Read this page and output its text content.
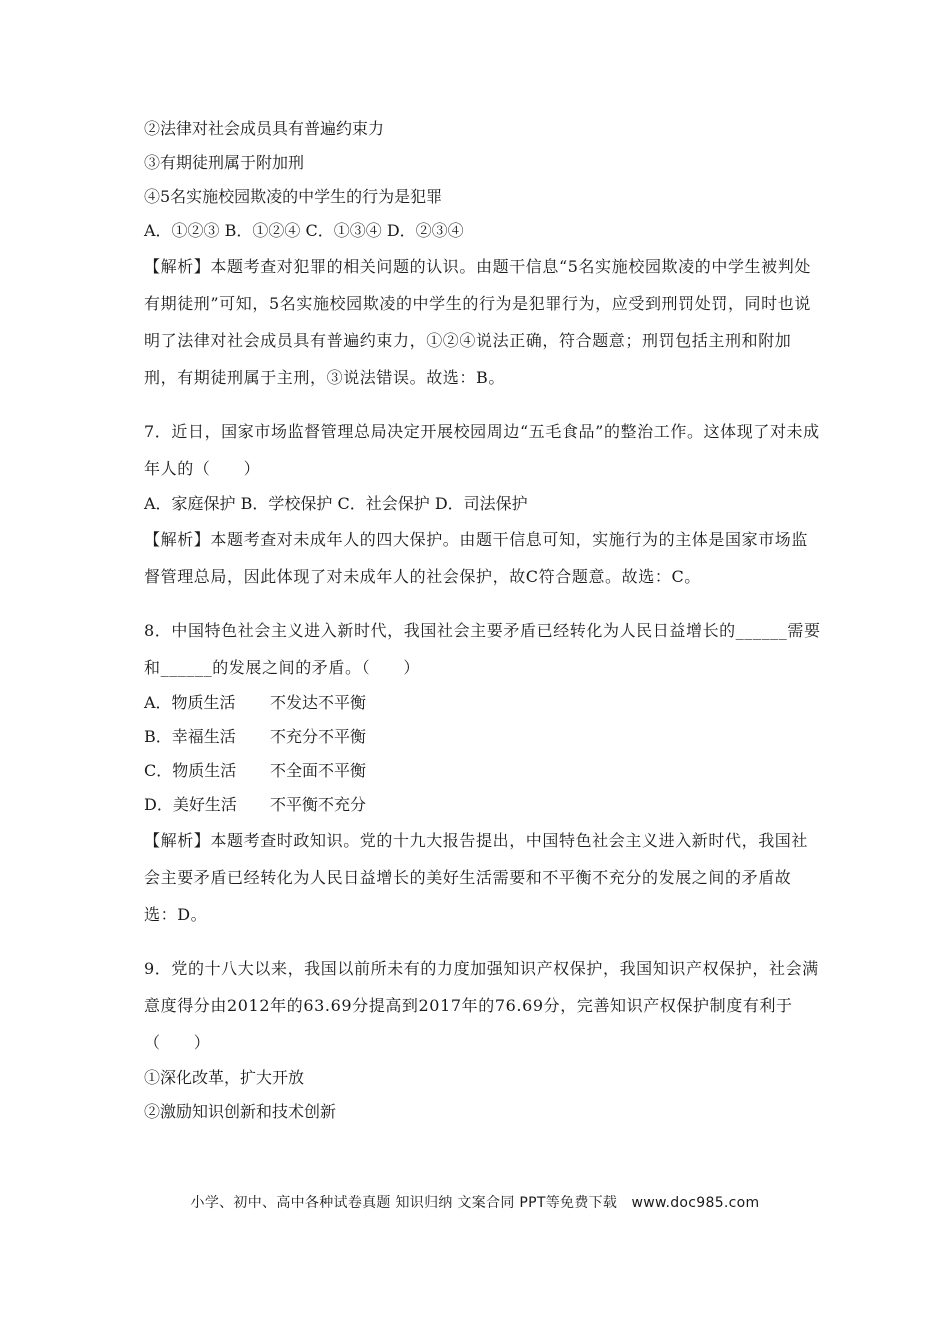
②法律对社会成员具有普遍约束力
③有期徒刑属于附加刑
④5名实施校园欺凌的中学生的行为是犯罪
A．①②③ B．①②④ C．①③④ D．②③④
【解析】本题考查对犯罪的相关问题的认识。由题干信息“5名实施校园欺凌的中学生被判处有期徒刑”可知，5名实施校园欺凌的中学生的行为是犯罪行为，应受到刑罚处罚，同时也说明了法律对社会成员具有普遍约束力，①②④说法正确，符合题意；刑罚包括主刑和附加刑，有期徒刑属于主刑，③说法错误。故选：B。
7．近日，国家市场监督管理总局决定开展校园周边“五毛食品”的整治工作。这体现了对未成年人的（　　）
A．家庭保护 B．学校保护 C．社会保护 D．司法保护
【解析】本题考查对未成年人的四大保护。由题干信息可知，实施行为的主体是国家市场监督管理总局，因此体现了对未成年人的社会保护，故C符合题意。故选：C。
8．中国特色社会主义进入新时代，我国社会主要矛盾已经转化为人民日益增长的______需要和______的发展之间的矛盾。（　　）
A．物质生活	不发达不平衡
B．幸福生活	不充分不平衡
C．物质生活	不全面不平衡
D．美好生活	不平衡不充分
【解析】本题考查时政知识。党的十九大报告提出，中国特色社会主义进入新时代，我国社会主要矛盾已经转化为人民日益增长的美好生活需要和不平衡不充分的发展之间的矛盾故选：D。
9．党的十八大以来，我国以前所未有的力度加强知识产权保护，我国知识产权保护，社会满意度得分由2012年的63.69分提高到2017年的76.69分，完善知识产权保护制度有利于（　　）
①深化改革，扩大开放
②激励知识创新和技术创新
小学、初中、高中各种试卷真题 知识归纳 文案合同 PPT等免费下载　www.doc985.com
